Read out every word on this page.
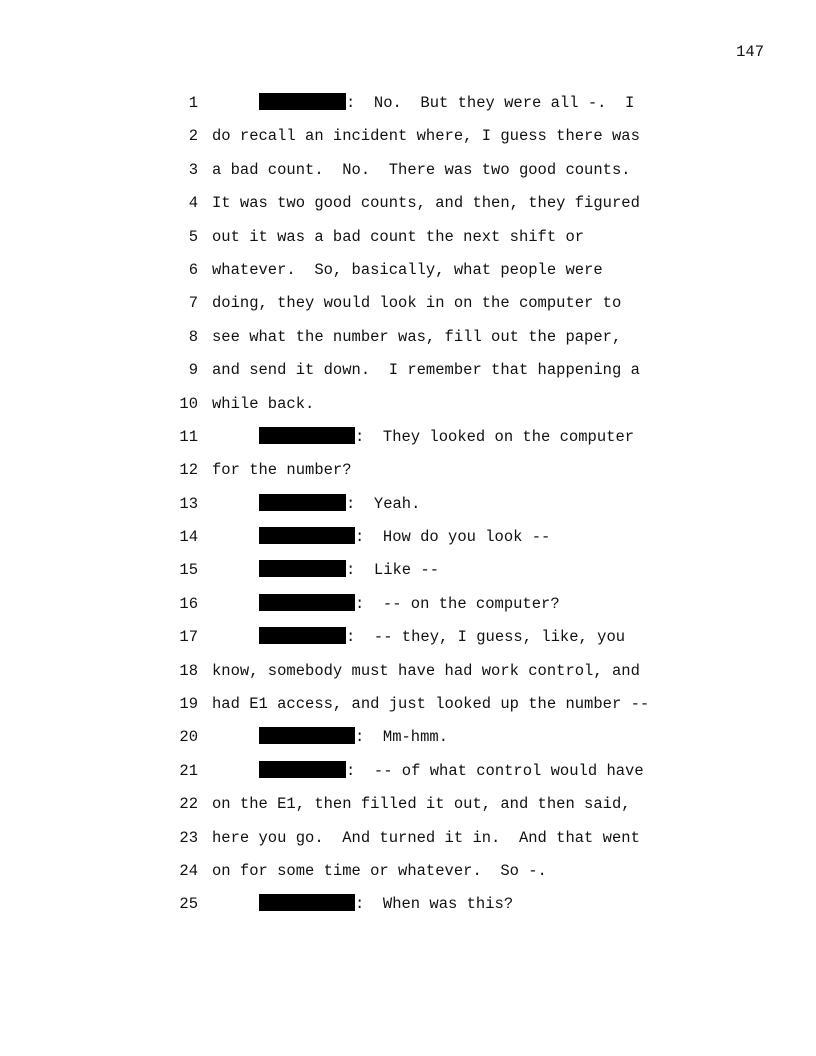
147
1	:  No.  But they were all -.  I
2 do recall an incident where, I guess there was
3 a bad count.  No.  There was two good counts.
4 It was two good counts, and then, they figured
5 out it was a bad count the next shift or
6 whatever.  So, basically, what people were
7 doing, they would look in on the computer to
8 see what the number was, fill out the paper,
9 and send it down.  I remember that happening a
10 while back.
11	:  They looked on the computer
12 for the number?
13	:  Yeah.
14	:  How do you look --
15	:  Like --
16	:  -- on the computer?
17	:  -- they, I guess, like, you
18 know, somebody must have had work control, and
19 had E1 access, and just looked up the number --
20	:  Mm-hmm.
21	:  -- of what control would have
22 on the E1, then filled it out, and then said,
23 here you go.  And turned it in.  And that went
24 on for some time or whatever.  So -.
25	:  When was this?
